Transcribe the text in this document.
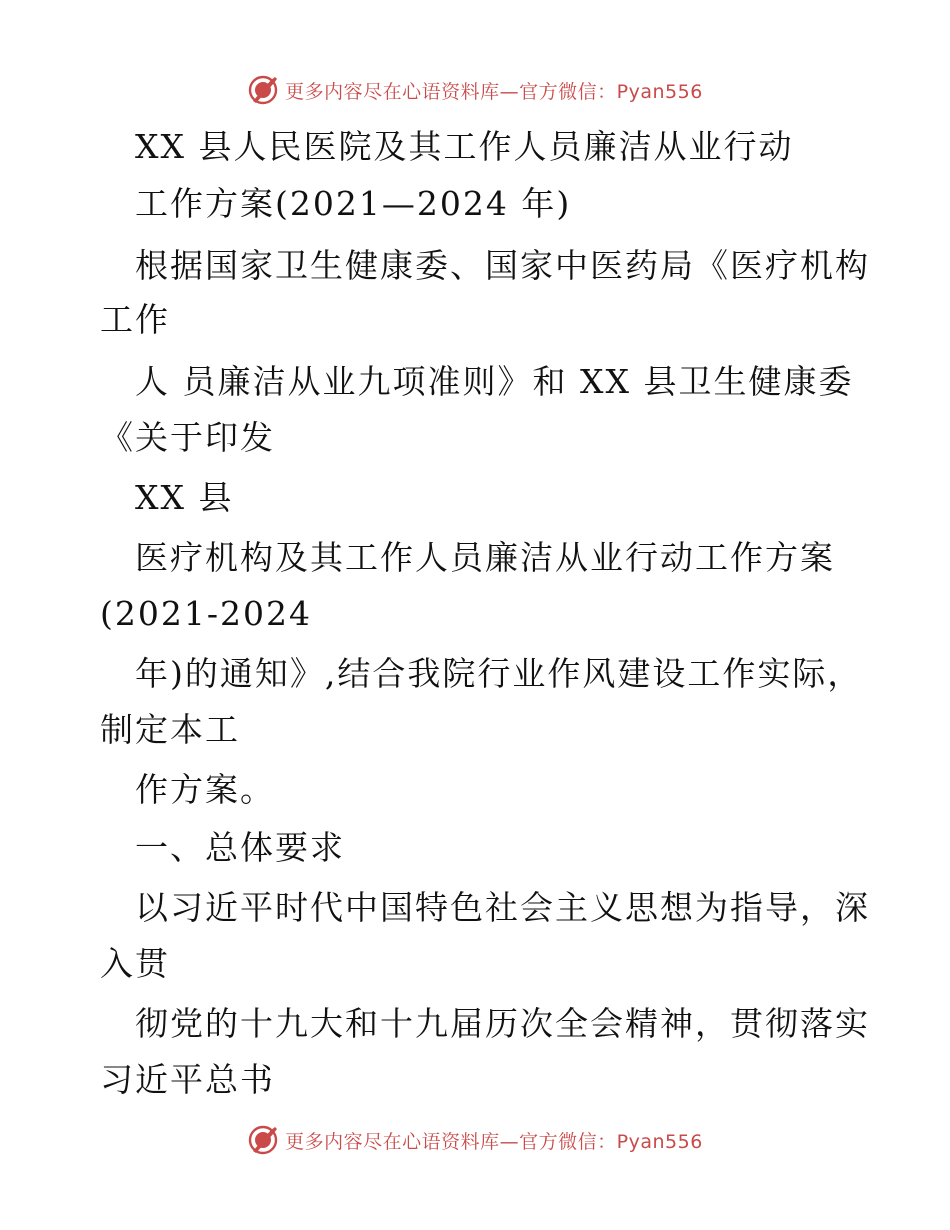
更多内容尽在心语资料库—官方微信：Pyan556
XX 县人民医院及其工作人员廉洁从业行动
工作方案(2021—2024 年)
根据国家卫生健康委、国家中医药局《医疗机构
工作
人 员廉洁从业九项准则》和 XX 县卫生健康委
《关于印发
XX 县
医疗机构及其工作人员廉洁从业行动工作方案
(2021-2024
年)的通知》,结合我院行业作风建设工作实际，
制定本工
作方案。
一、总体要求
以习近平时代中国特色社会主义思想为指导，深
入贯
彻党的十九大和十九届历次全会精神，贯彻落实
习近平总书
更多内容尽在心语资料库—官方微信：Pyan556
